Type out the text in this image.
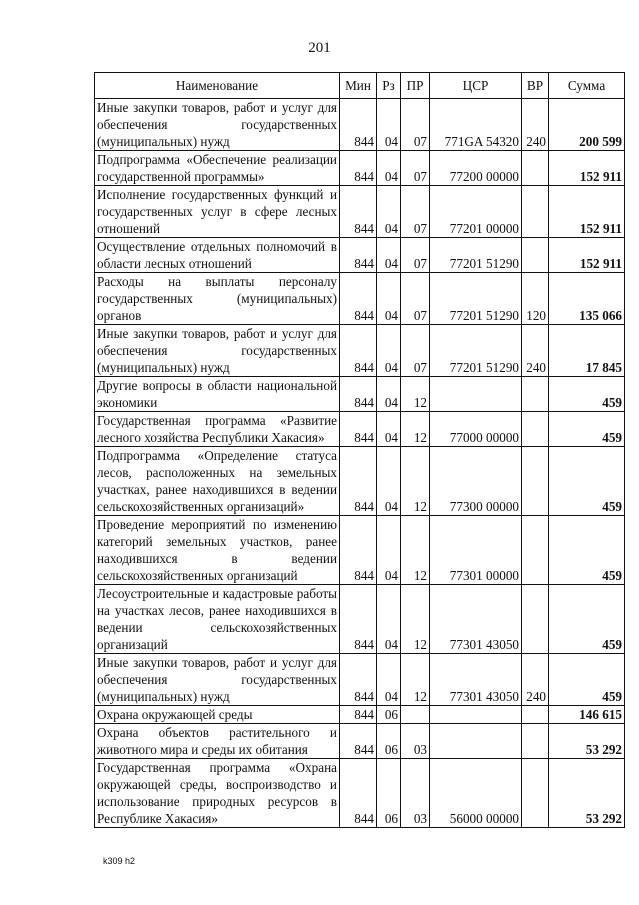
201
Наименование	Мин	Рз	ПР	ЦСР	ВР	Сумма
Иные закупки товаров, работ и услуг для обеспечения государственных (муниципальных) нужд	844	04	07	771GA 54320	240	200 599
Подпрограмма «Обеспечение реализации государственной программы»	844	04	07	77200 00000		152 911
Исполнение государственных функций и государственных услуг в сфере лесных отношений	844	04	07	77201 00000		152 911
Осуществление отдельных полномочий в области лесных отношений	844	04	07	77201 51290		152 911
Расходы на выплаты персоналу государственных (муниципальных) органов	844	04	07	77201 51290	120	135 066
Иные закупки товаров, работ и услуг для обеспечения государственных (муниципальных) нужд	844	04	07	77201 51290	240	17 845
Другие вопросы в области национальной экономики	844	04	12			459
Государственная программа «Развитие лесного хозяйства Республики Хакасия»	844	04	12	77000 00000		459
Подпрограмма «Определение статуса лесов, расположенных на земельных участках, ранее находившихся в ведении сельскохозяйственных организаций»	844	04	12	77300 00000		459
Проведение мероприятий по изменению категорий земельных участков, ранее находившихся в ведении сельскохозяйственных организаций	844	04	12	77301 00000		459
Лесоустроительные и кадастровые работы на участках лесов, ранее находившихся в ведении сельскохозяйственных организаций	844	04	12	77301 43050		459
Иные закупки товаров, работ и услуг для обеспечения государственных (муниципальных) нужд	844	04	12	77301 43050	240	459
Охрана окружающей среды	844	06				146 615
Охрана объектов растительного и животного мира и среды их обитания	844	06	03			53 292
Государственная программа «Охрана окружающей среды, воспроизводство и использование природных ресурсов в Республике Хакасия»	844	06	03	56000 00000		53 292
k309 h2
